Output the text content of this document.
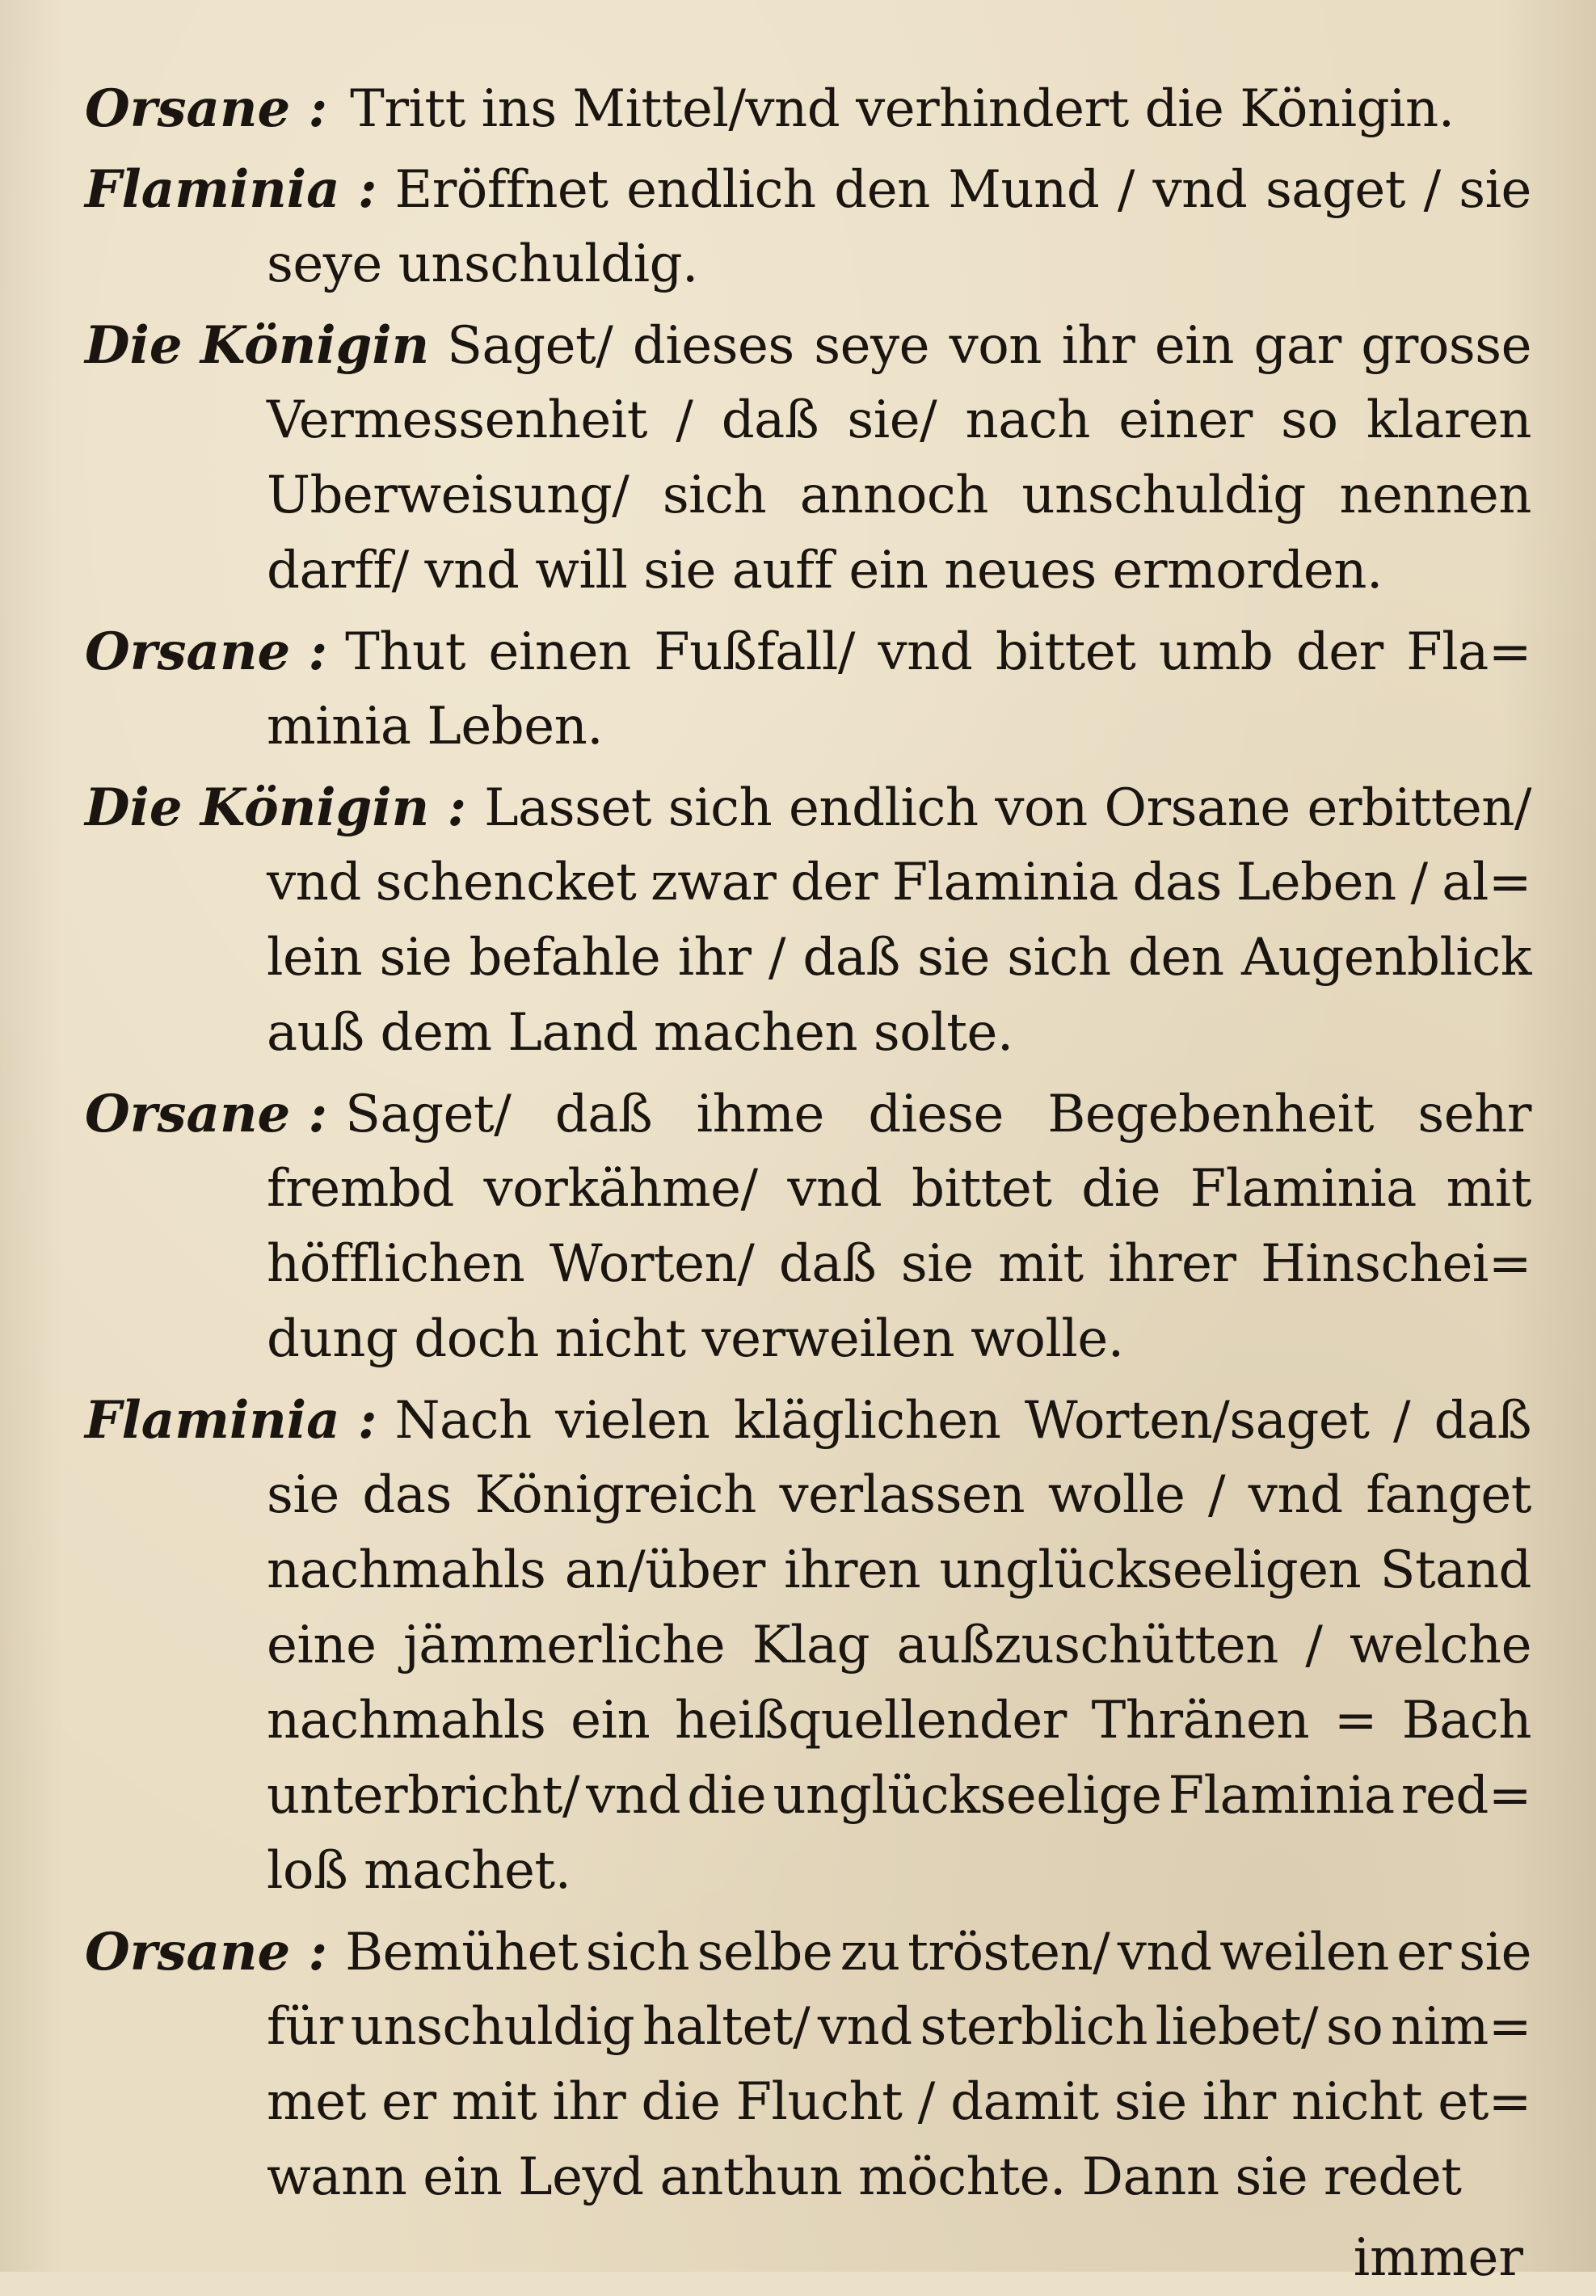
Orsane : Tritt ins Mittel/vnd verhindert die Königin.
Flaminia : Eröffnet endlich den Mund / vnd saget / sie
seye unschuldig.
Die Königin Saget/ dieses seye von ihr ein gar grosse
Vermessenheit / daß sie/ nach einer so klaren
Uberweisung/ sich annoch unschuldig nennen
darff/ vnd will sie auff ein neues ermorden.
Orsane : Thut einen Fußfall/ vnd bittet umb der Fla=
minia Leben.
Die Königin : Lasset sich endlich von Orsane erbitten/
vnd schencket zwar der Flaminia das Leben / al=
lein sie befahle ihr / daß sie sich den Augenblick
auß dem Land machen solte.
Orsane : Saget/ daß ihme diese Begebenheit sehr
frembd vorkähme/ vnd bittet die Flaminia mit
höfflichen Worten/ daß sie mit ihrer Hinschei=
dung doch nicht verweilen wolle.
Flaminia : Nach vielen kläglichen Worten/saget / daß
sie das Königreich verlassen wolle / vnd fanget
nachmahls an/über ihren unglückseeligen Stand
eine jämmerliche Klag außzuschütten / welche
nachmahls ein heißquellender Thränen = Bach
unterbricht/ vnd die unglückseelige Flaminia red=
loß machet.
Orsane : Bemühet sich selbe zu trösten/ vnd weilen er sie
für unschuldig haltet/ vnd sterblich liebet/ so nim=
met er mit ihr die Flucht / damit sie ihr nicht et=
wann ein Leyd anthun möchte. Dann sie redet
immer
